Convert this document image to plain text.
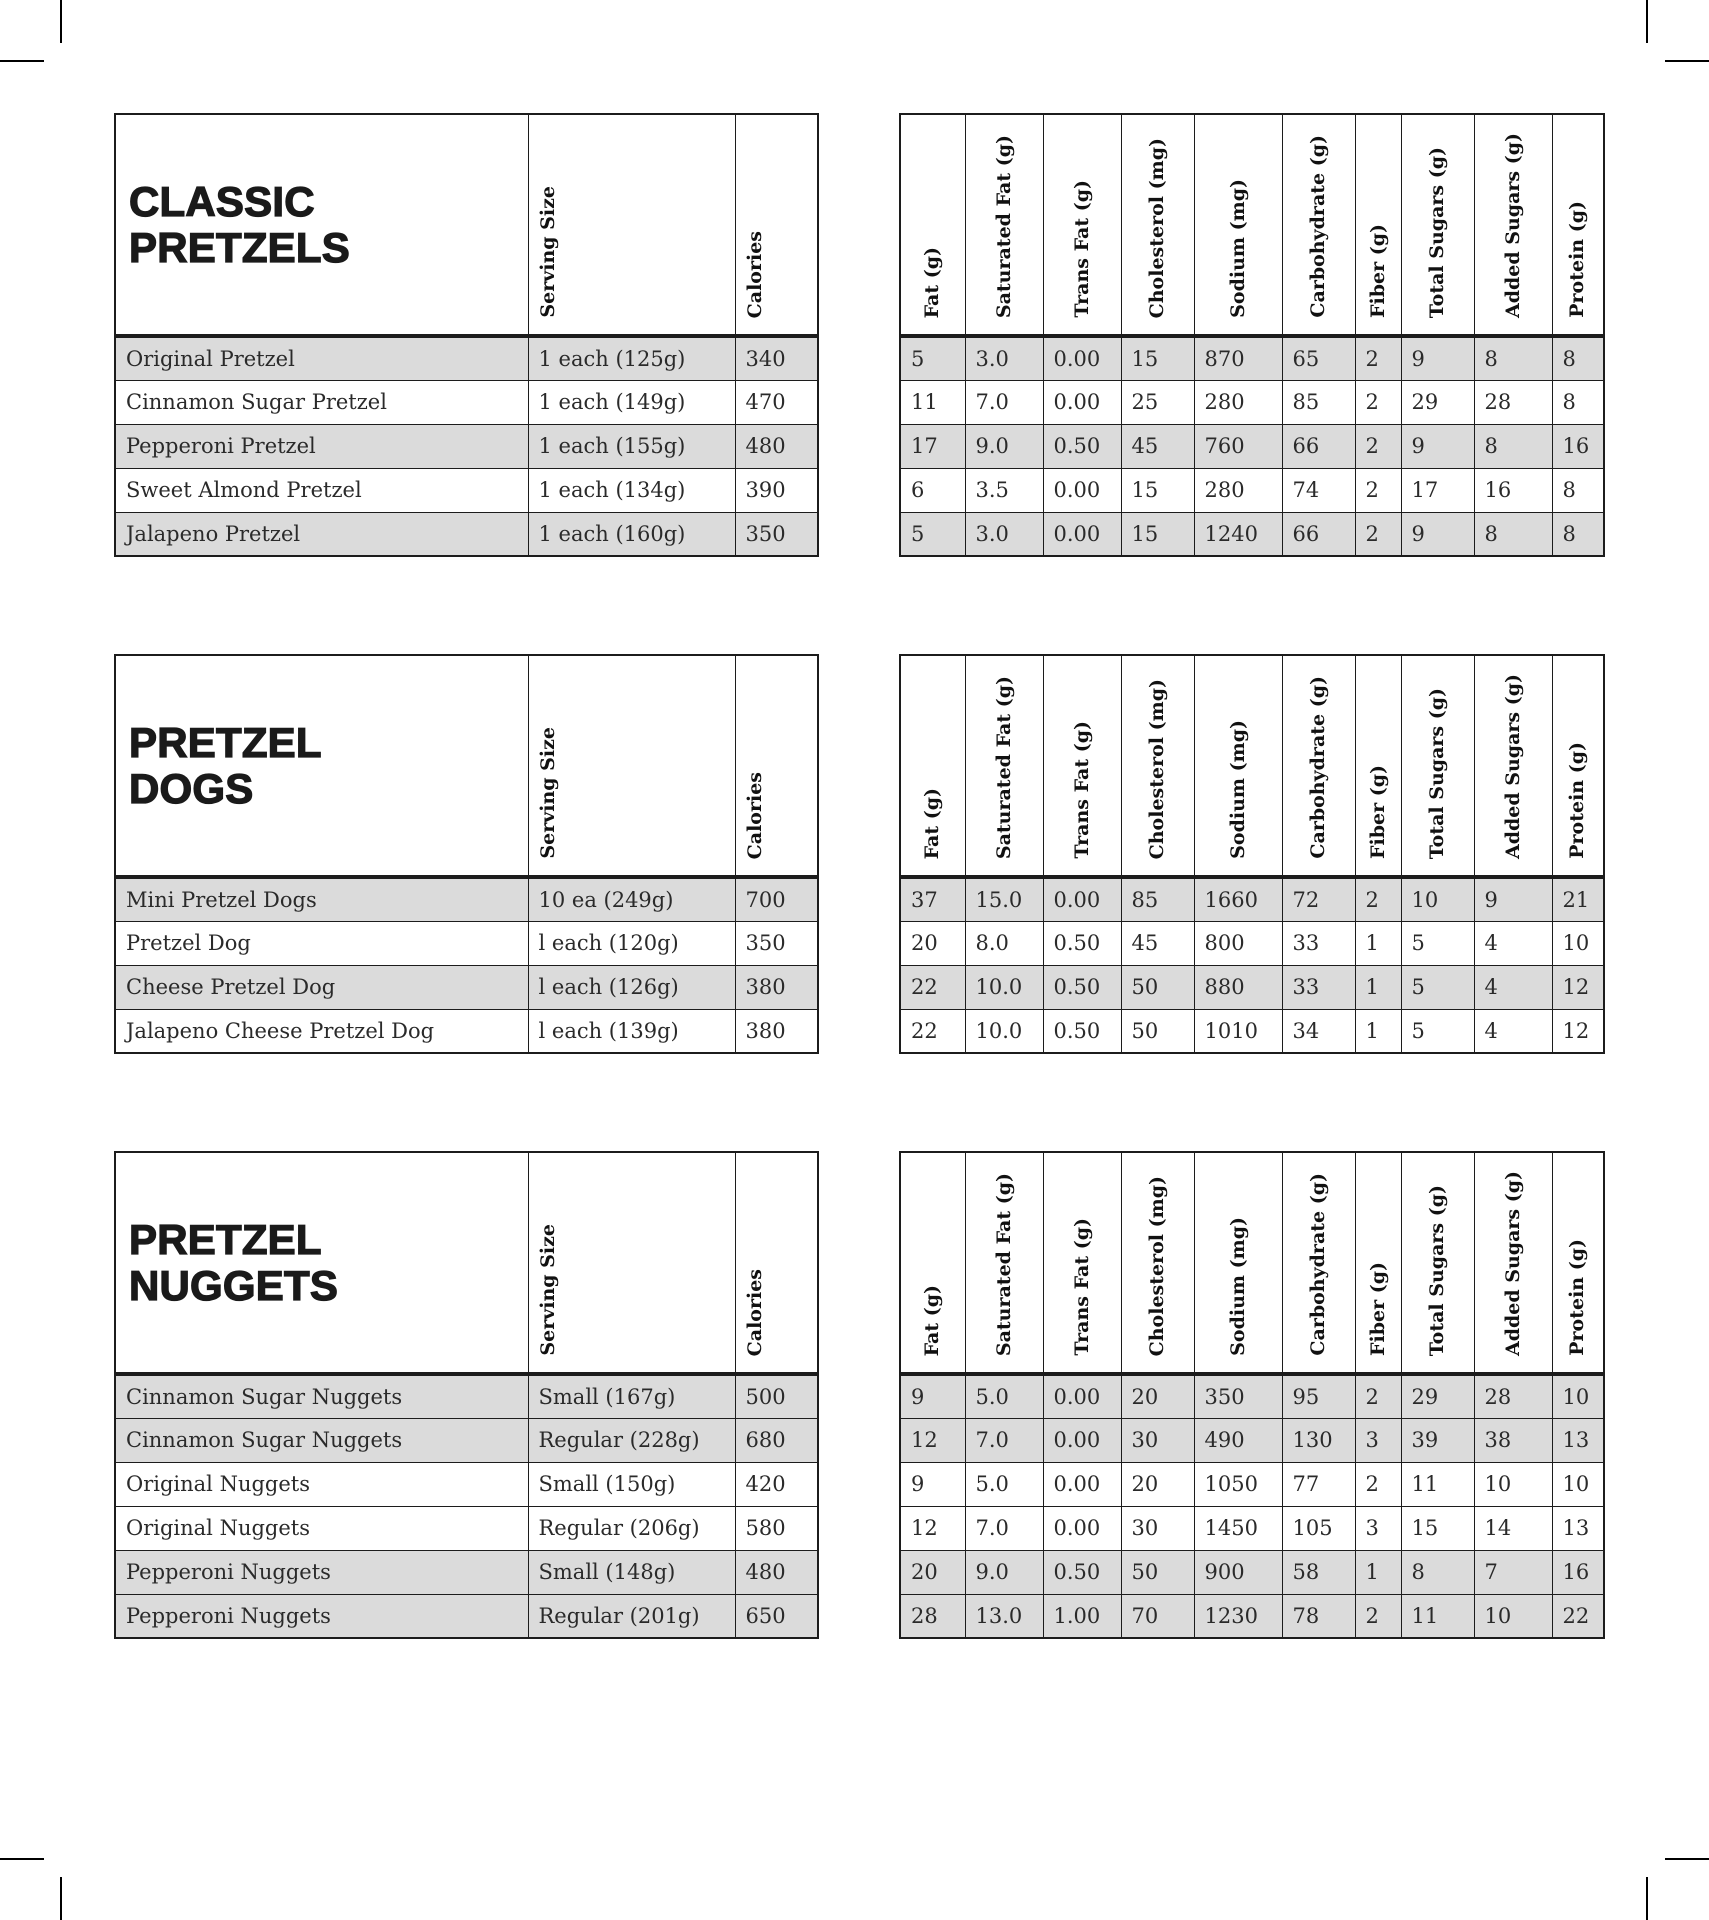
CLASSIC
PRETZELS	Serving Size	Calories
Original Pretzel	1 each (125g)	340
Cinnamon Sugar Pretzel	1 each (149g)	470
Pepperoni Pretzel	1 each (155g)	480
Sweet Almond Pretzel	1 each (134g)	390
Jalapeno Pretzel	1 each (160g)	350
Fat (g)	Saturated Fat (g)	Trans Fat (g)	Cholesterol (mg)	Sodium (mg)	Carbohydrate (g)	Fiber (g)	Total Sugars (g)	Added Sugars (g)	Protein (g)
5	3.0	0.00	15	870	65	2	9	8	8
11	7.0	0.00	25	280	85	2	29	28	8
17	9.0	0.50	45	760	66	2	9	8	16
6	3.5	0.00	15	280	74	2	17	16	8
5	3.0	0.00	15	1240	66	2	9	8	8
PRETZEL
DOGS	Serving Size	Calories
Mini Pretzel Dogs	10 ea (249g)	700
Pretzel Dog	l each (120g)	350
Cheese Pretzel Dog	l each (126g)	380
Jalapeno Cheese Pretzel Dog	l each (139g)	380
Fat (g)	Saturated Fat (g)	Trans Fat (g)	Cholesterol (mg)	Sodium (mg)	Carbohydrate (g)	Fiber (g)	Total Sugars (g)	Added Sugars (g)	Protein (g)
37	15.0	0.00	85	1660	72	2	10	9	21
20	8.0	0.50	45	800	33	1	5	4	10
22	10.0	0.50	50	880	33	1	5	4	12
22	10.0	0.50	50	1010	34	1	5	4	12
PRETZEL
NUGGETS	Serving Size	Calories
Cinnamon Sugar Nuggets	Small (167g)	500
Cinnamon Sugar Nuggets	Regular (228g)	680
Original Nuggets	Small (150g)	420
Original Nuggets	Regular (206g)	580
Pepperoni Nuggets	Small (148g)	480
Pepperoni Nuggets	Regular (201g)	650
Fat (g)	Saturated Fat (g)	Trans Fat (g)	Cholesterol (mg)	Sodium (mg)	Carbohydrate (g)	Fiber (g)	Total Sugars (g)	Added Sugars (g)	Protein (g)
9	5.0	0.00	20	350	95	2	29	28	10
12	7.0	0.00	30	490	130	3	39	38	13
9	5.0	0.00	20	1050	77	2	11	10	10
12	7.0	0.00	30	1450	105	3	15	14	13
20	9.0	0.50	50	900	58	1	8	7	16
28	13.0	1.00	70	1230	78	2	11	10	22
